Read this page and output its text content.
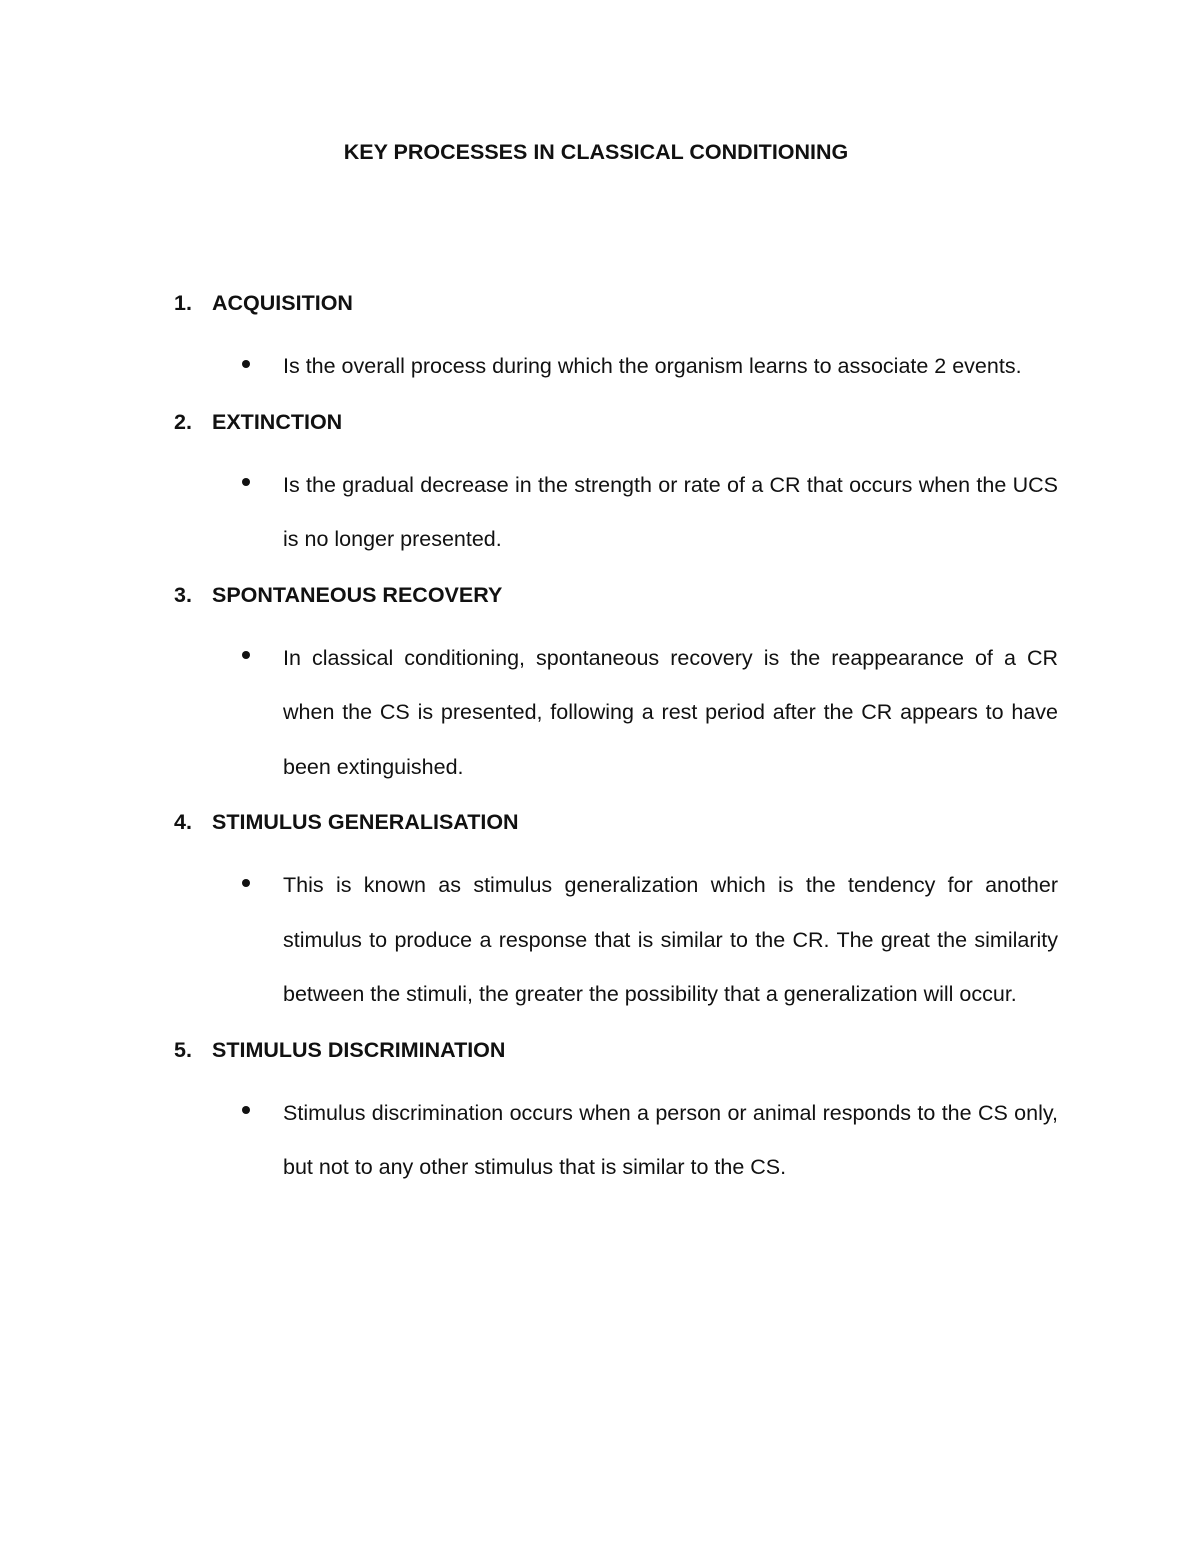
KEY PROCESSES IN CLASSICAL CONDITIONING
1. ACQUISITION

Is the overall process during which the organism learns to associate 2 events.

2. EXTINCTION

Is the gradual decrease in the strength or rate of a CR that occurs when the UCS is no longer presented.

3. SPONTANEOUS RECOVERY

In classical conditioning, spontaneous recovery is the reappearance of a CR when the CS is presented, following a rest period after the CR appears to have been extinguished.

4. STIMULUS GENERALISATION

This is known as stimulus generalization which is the tendency for another stimulus to produce a response that is similar to the CR. The great the similarity between the stimuli, the greater the possibility that a generalization will occur.

5. STIMULUS DISCRIMINATION

Stimulus discrimination occurs when a person or animal responds to the CS only, but not to any other stimulus that is similar to the CS.
